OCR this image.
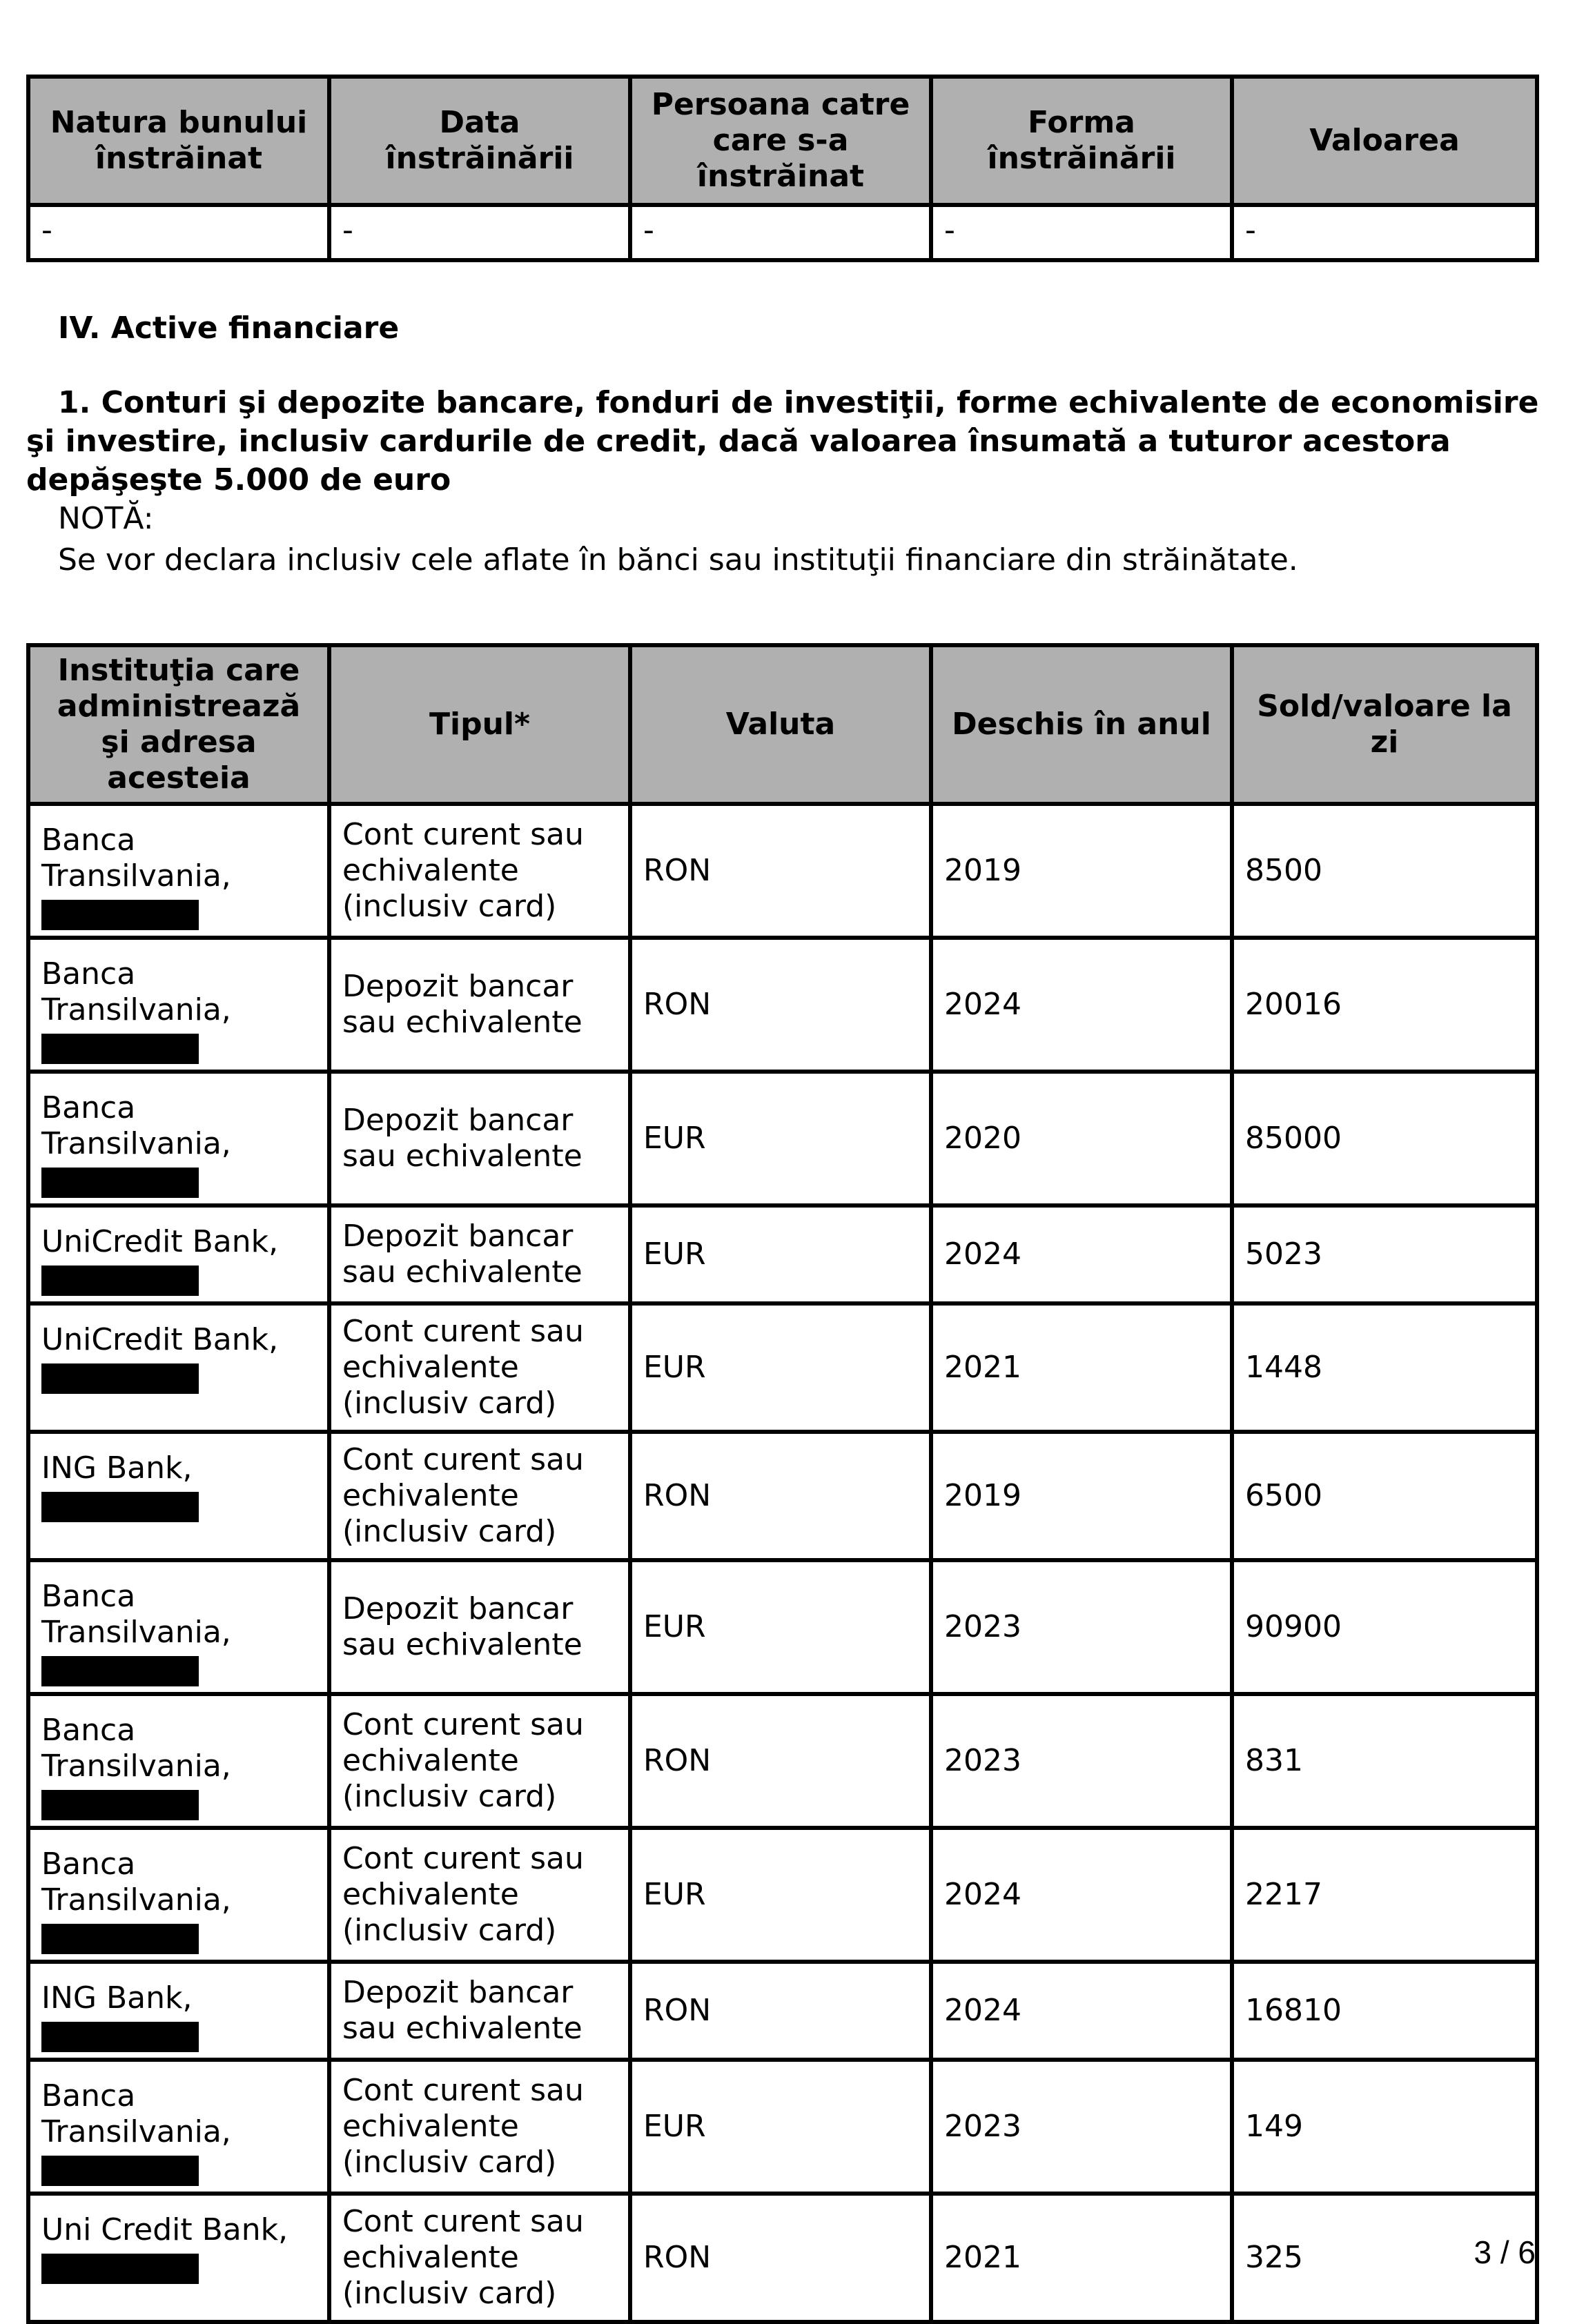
Natura bunului înstrăinat	Data înstrăinării	Persoana catre care s-a înstrăinat	Forma înstrăinării	Valoarea
-	-	-	-	-
IV. Active financiare
1. Conturi şi depozite bancare, fonduri de investiţii, forme echivalente de economisire şi investire, inclusiv cardurile de credit, dacă valoarea însumată a tuturor acestora depăşeşte 5.000 de euro
NOTĂ:
Se vor declara inclusiv cele aflate în bănci sau instituţii financiare din străinătate.
Instituţia care administrează şi adresa acesteia	Tipul*	Valuta	Deschis în anul	Sold/valoare la zi

Banca Transilvania,	Cont curent sau echivalente (inclusiv card)	RON	2019	8500

Banca Transilvania,	Depozit bancar sau echivalente	RON	2024	20016

Banca Transilvania,	Depozit bancar sau echivalente	EUR	2020	85000

UniCredit Bank,	Depozit bancar sau echivalente	EUR	2024	5023

UniCredit Bank,	Cont curent sau echivalente (inclusiv card)	EUR	2021	1448

ING Bank,	Cont curent sau echivalente (inclusiv card)	RON	2019	6500

Banca Transilvania,	Depozit bancar sau echivalente	EUR	2023	90900

Banca Transilvania,	Cont curent sau echivalente (inclusiv card)	RON	2023	831

Banca Transilvania,	Cont curent sau echivalente (inclusiv card)	EUR	2024	2217

ING Bank,	Depozit bancar sau echivalente	RON	2024	16810

Banca Transilvania,	Cont curent sau echivalente (inclusiv card)	EUR	2023	149

Uni Credit Bank,	Cont curent sau echivalente (inclusiv card)	RON	2021	325	3 / 6
